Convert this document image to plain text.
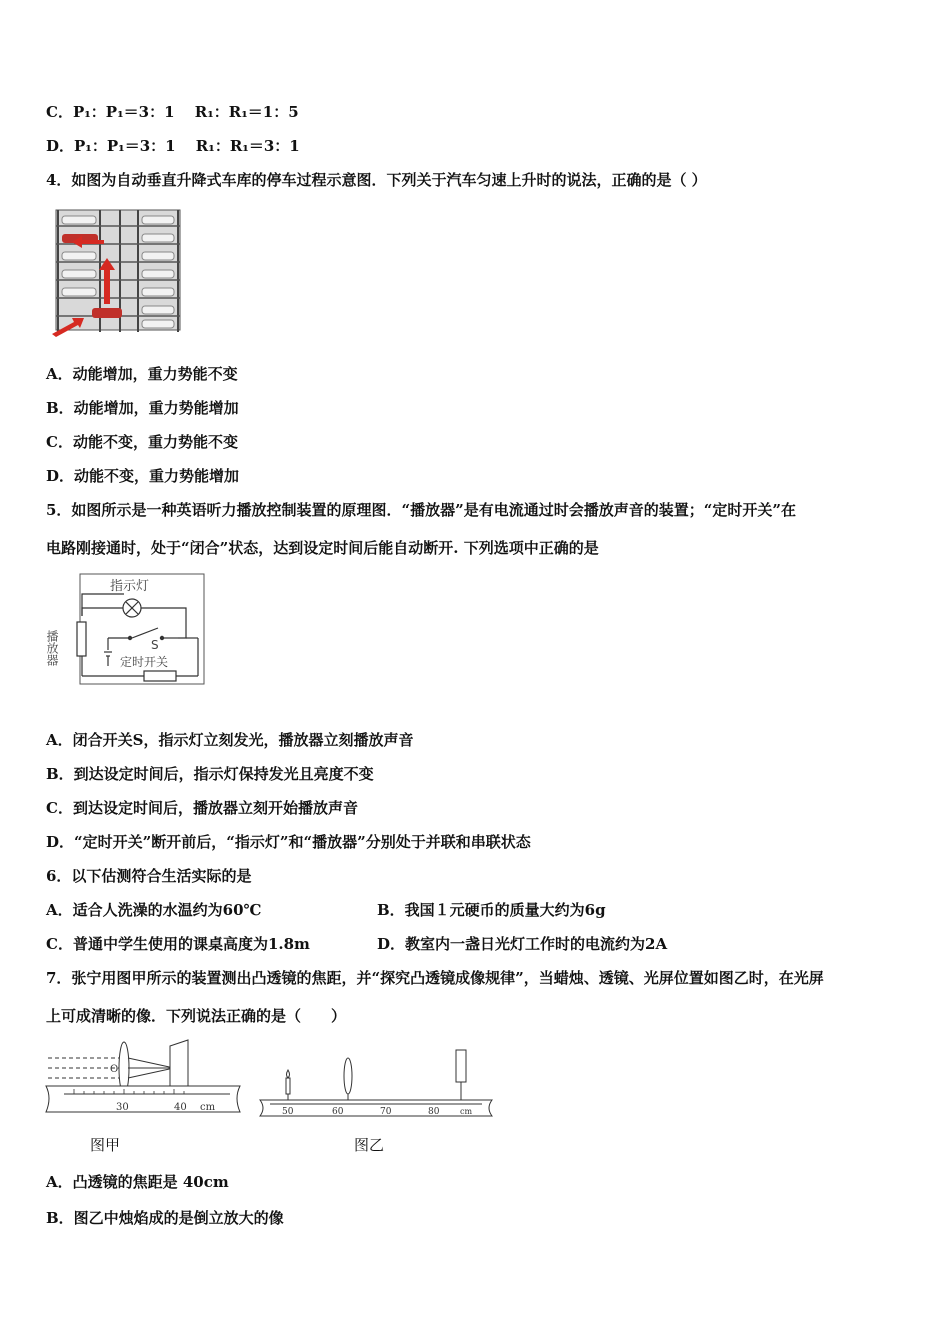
C．P₁：P₁＝3：1　 R₁：R₁＝1：5
D．P₁：P₁＝3：1　 R₁：R₁＝3：1
4．如图为自动垂直升降式车库的停车过程示意图．下列关于汽车匀速上升时的说法，正确的是（ ）
A．动能增加，重力势能不变
B．动能增加，重力势能增加
C．动能不变，重力势能不变
D．动能不变，重力势能增加
5．如图所示是一种英语听力播放控制装置的原理图．“播放器”是有电流通过时会播放声音的装置；“定时开关”在
电路刚接通时，处于“闭合”状态，达到设定时间后能自动断开. 下列选项中正确的是
指示灯
S
定时开关
播放器
A．闭合开关S，指示灯立刻发光，播放器立刻播放声音
B．到达设定时间后，指示灯保持发光且亮度不变
C．到达设定时间后，播放器立刻开始播放声音
D．“定时开关”断开前后，“指示灯”和“播放器”分别处于并联和串联状态
6．以下估测符合生活实际的是
A．适合人洗澡的水温约为60℃	B．我国１元硬币的质量大约为6g
C．普通中学生使用的课桌高度为1.8m	D．教室内一盏日光灯工作时的电流约为2A
7．张宁用图甲所示的装置测出凸透镜的焦距，并“探究凸透镜成像规律”，当蜡烛、透镜、光屏位置如图乙时，在光屏
上可成清晰的像．下列说法正确的是（　　）
O
30	40 cm
图甲
50	60	70	80	cm
图乙
A．凸透镜的焦距是 40cm
B．图乙中烛焰成的是倒立放大的像
